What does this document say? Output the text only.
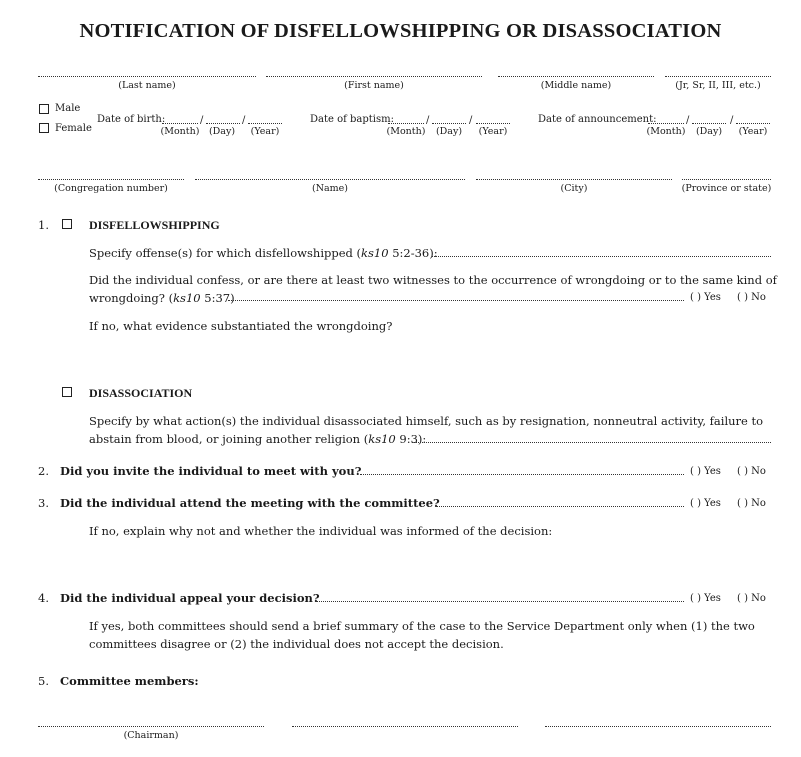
NOTIFICATION OF DISFELLOWSHIPPING OR DISASSOCIATION
(Last name)	(First name)	(Middle name)	(Jr, Sr, II, III, etc.)
Male
Female
Date of birth:	/	/
(Month)	(Day)	(Year)
Date of baptism:	/	/
(Month)	(Day)	(Year)
Date of announcement:	/	/
(Month)	(Day)	(Year)
(Congregation number)	(Name)	(City)	(Province or state)
1.	DISFELLOWSHIPPING
Specify offense(s) for which disfellowshipped (ks10 5:2-36):
Did the individual confess, or are there at least two witnesses to the occurrence of wrongdoing or to the same kind of
wrongdoing? (ks10 5:37)	( ) Yes ( ) No
If no, what evidence substantiated the wrongdoing?
DISASSOCIATION
Specify by what action(s) the individual disassociated himself, such as by resignation, nonneutral activity, failure to
abstain from blood, or joining another religion (ks10 9:3):
2. Did you invite the individual to meet with you?	( ) Yes ( ) No
3. Did the individual attend the meeting with the committee?	( ) Yes ( ) No
If no, explain why not and whether the individual was informed of the decision:
4. Did the individual appeal your decision?	( ) Yes ( ) No
If yes, both committees should send a brief summary of the case to the Service Department only when (1) the two
committees disagree or (2) the individual does not accept the decision.
5. Committee members:
(Chairman)
